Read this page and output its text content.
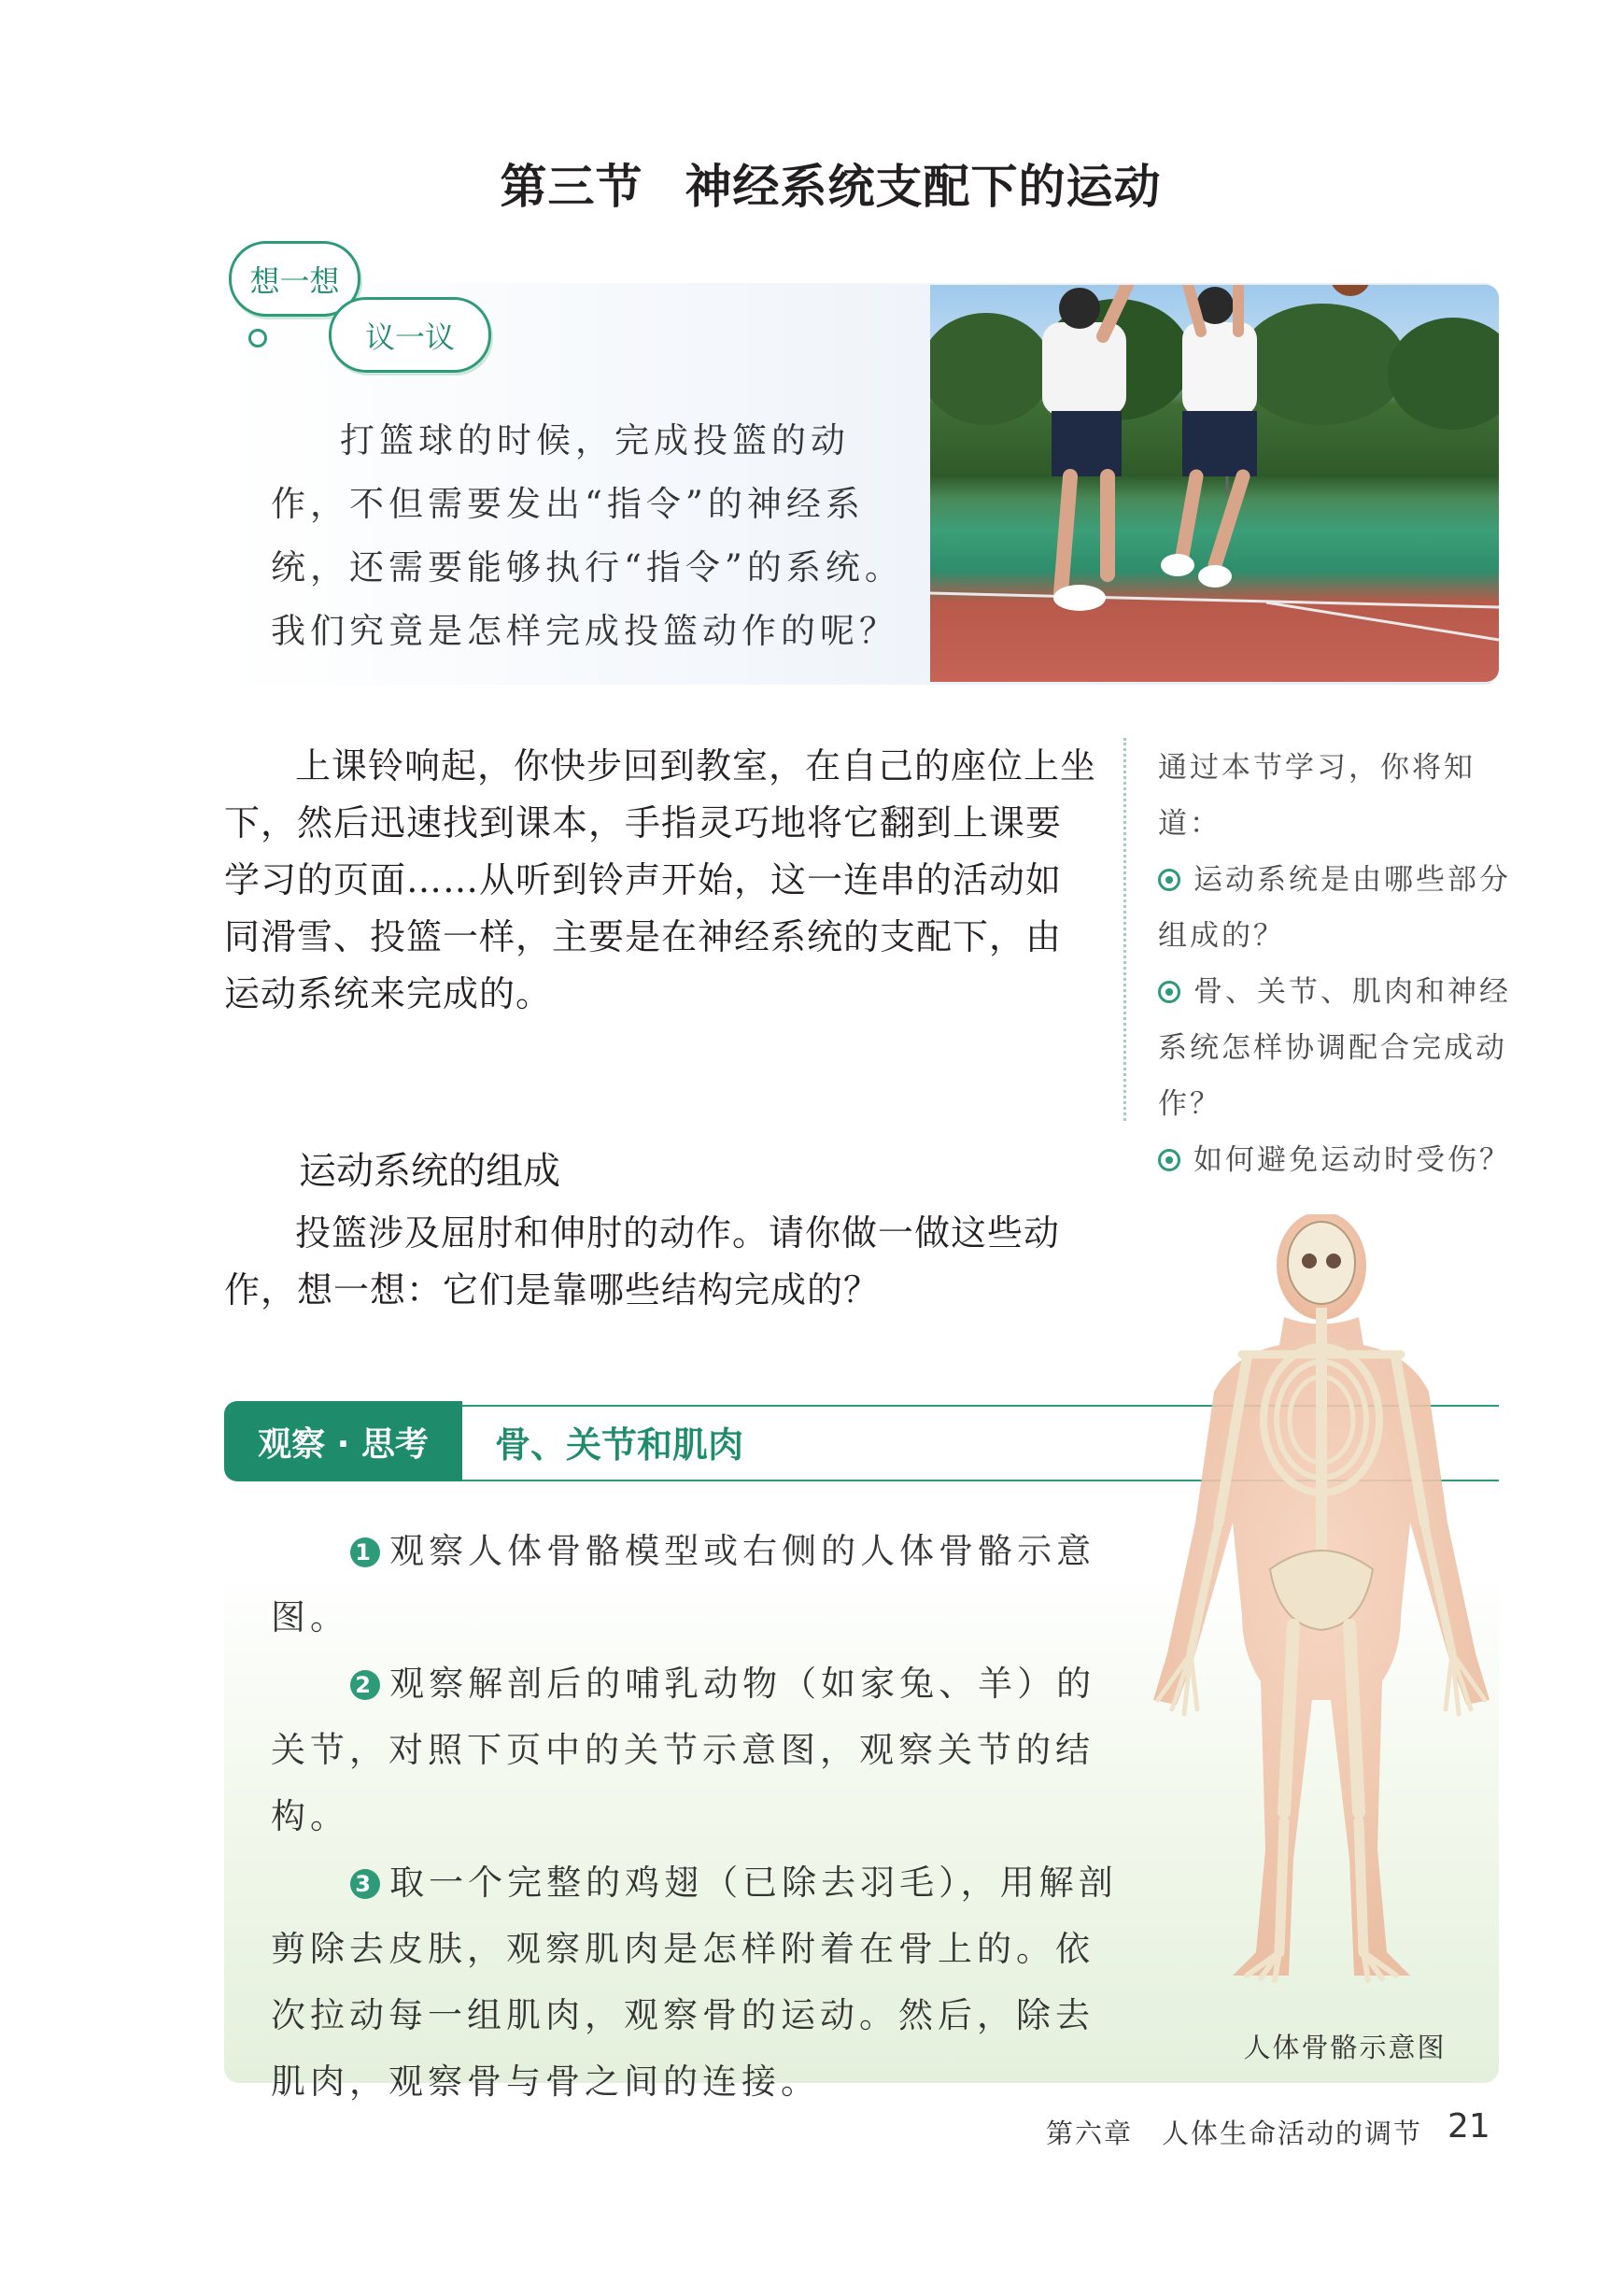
第三节 神经系统支配下的运动
想一想
议一议

打篮球的时候，完成投篮的动

作，不但需要发出“指令”的神经系

统，还需要能够执行“指令”的系统。

我们究竟是怎样完成投篮动作的呢？

上课铃响起，你快步回到教室，在自己的座位上坐下，然后迅速找到课本，手指灵巧地将它翻到上课要学习的页面……从听到铃声开始，这一连串的活动如同滑雪、投篮一样，主要是在神经系统的支配下，由运动系统来完成的。

通过本节学习，你将知道：

运动系统是由哪些部分组成的？

骨、关节、肌肉和神经系统怎样协调配合完成动作？

如何避免运动时受伤？

运动系统的组成

投篮涉及屈肘和伸肘的动作。请你做一做这些动作，想一想：它们是靠哪些结构完成的？

观察 · 思考	骨、关节和肌肉

1 观察人体骨骼模型或右侧的人体骨骼示意图。

2 观察解剖后的哺乳动物（如家兔、羊）的关节，对照下页中的关节示意图，观察关节的结构。

3 取一个完整的鸡翅（已除去羽毛），用解剖剪除去皮肤，观察肌肉是怎样附着在骨上的。依次拉动每一组肌肉，观察骨的运动。然后，除去肌肉，观察骨与骨之间的连接。

人体骨骼示意图
第六章　人体生命活动的调节 21
